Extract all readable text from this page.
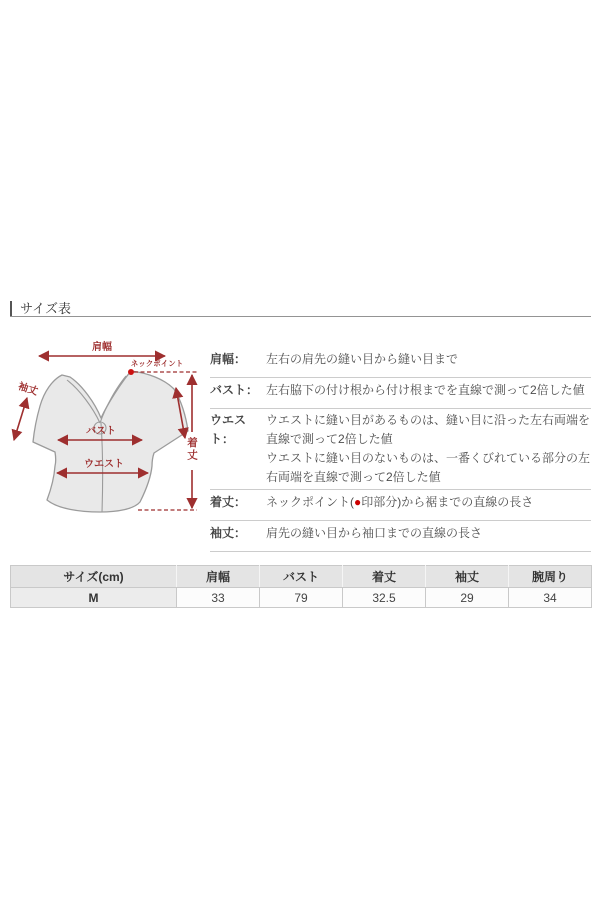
サイズ表
肩幅
ネックポイント
袖丈
バスト
ウエスト
着丈
肩幅：	左右の肩先の縫い目から縫い目まで
バスト： 左右脇下の付け根から付け根までを直線で測って2倍した値
ウエスト：
ウエストに縫い目があるものは、縫い目に沿った左右両端を直線で測って2倍した値
ウエストに縫い目のないものは、一番くびれている部分の左右両端を直線で測って2倍した値
着丈：	ネックポイント(●印部分)から裾までの直線の長さ
袖丈：	肩先の縫い目から袖口までの直線の長さ
サイズ(cm)	肩幅	バスト	着丈	袖丈	腕周り
M	33	79	32.5	29	34
